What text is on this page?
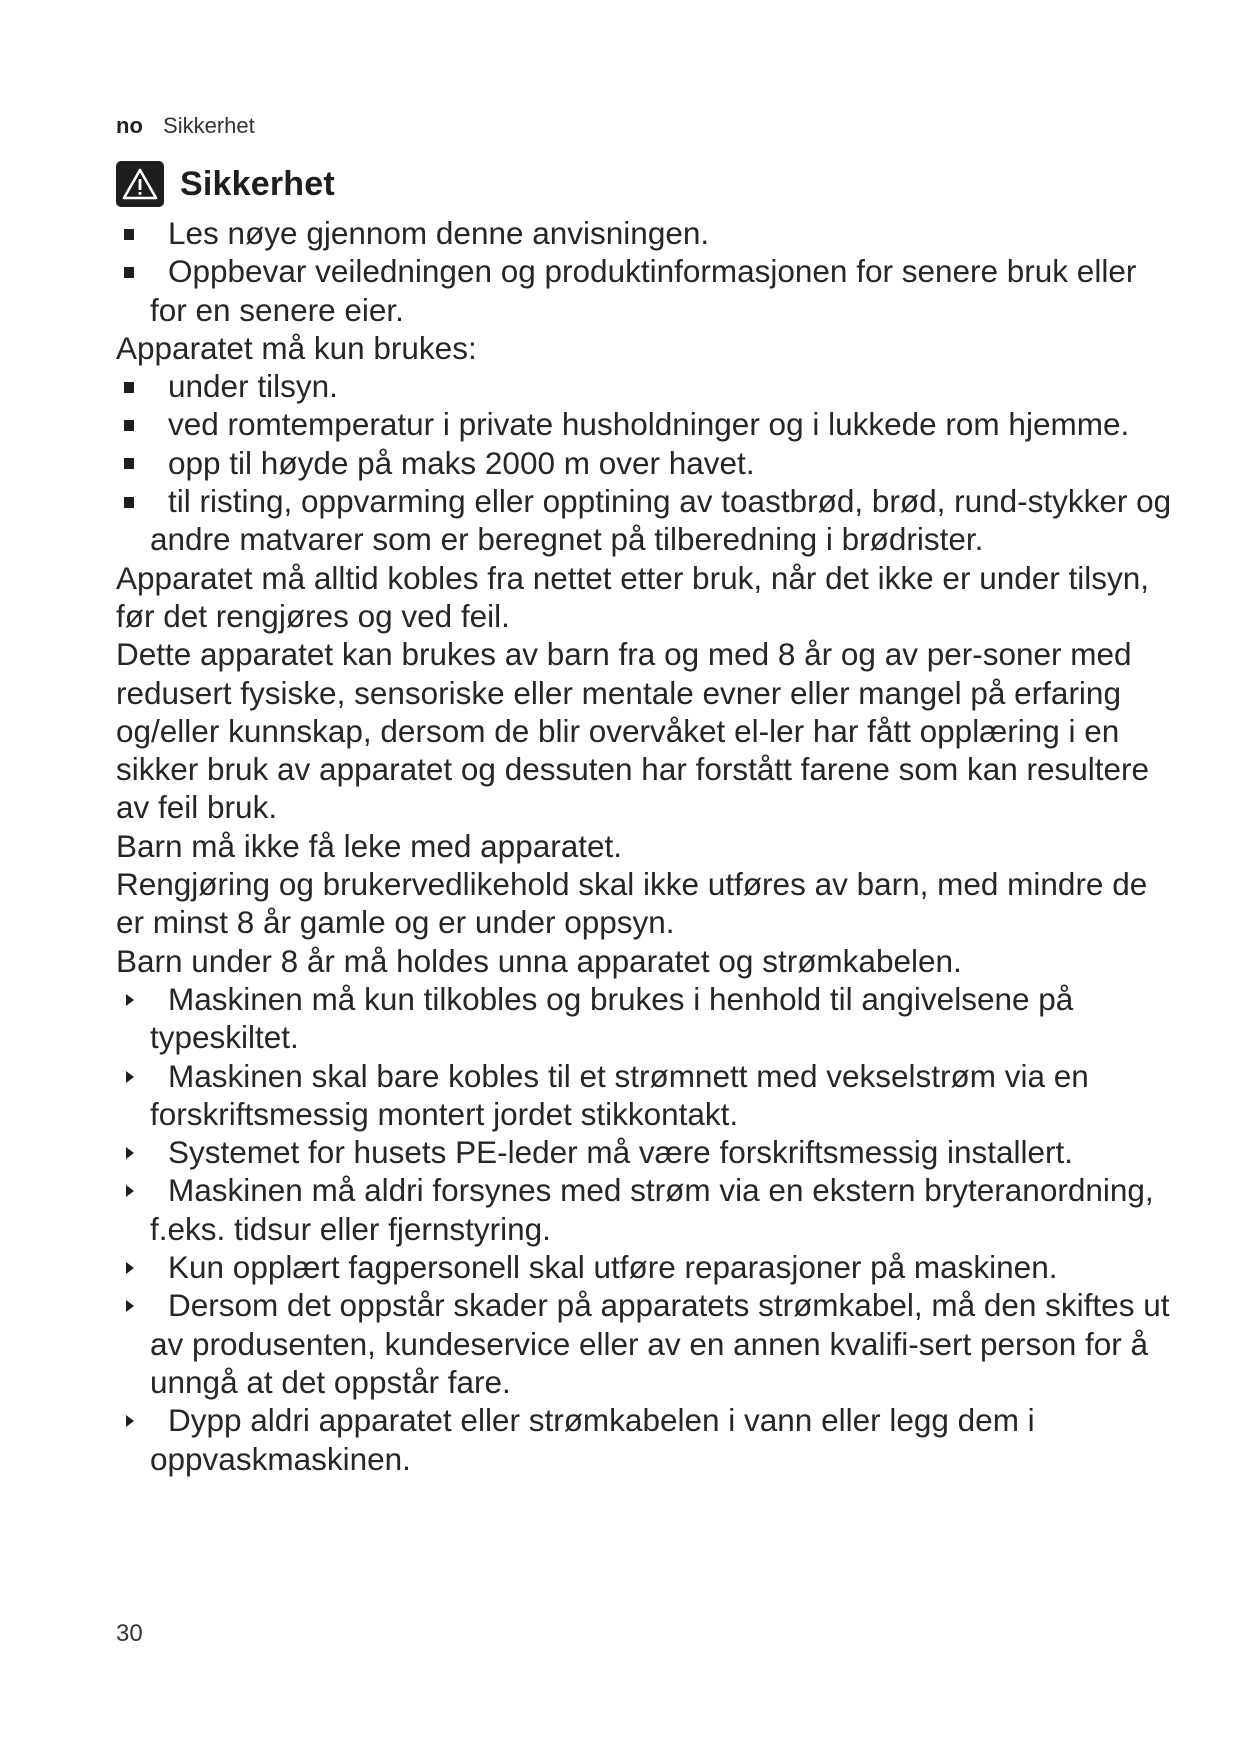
no Sikkerhet
Sikkerhet
Les nøye gjennom denne anvisningen.
Oppbevar veiledningen og produktinformasjonen for senere bruk eller for en senere eier.

Apparatet må kun brukes:

under tilsyn.
ved romtemperatur i private husholdninger og i lukkede rom hjemme.
opp til høyde på maks 2000 m over havet.
til risting, oppvarming eller opptining av toastbrød, brød, rund-stykker og andre matvarer som er beregnet på tilberedning i brødrister.

Apparatet må alltid kobles fra nettet etter bruk, når det ikke er under tilsyn, før det rengjøres og ved feil.

Dette apparatet kan brukes av barn fra og med 8 år og av per-soner med redusert fysiske, sensoriske eller mentale evner eller mangel på erfaring og/eller kunnskap, dersom de blir overvåket el-ler har fått opplæring i en sikker bruk av apparatet og dessuten har forstått farene som kan resultere av feil bruk.

Barn må ikke få leke med apparatet.

Rengjøring og brukervedlikehold skal ikke utføres av barn, med mindre de er minst 8 år gamle og er under oppsyn.

Barn under 8 år må holdes unna apparatet og strømkabelen.

Maskinen må kun tilkobles og brukes i henhold til angivelsene på typeskiltet.
Maskinen skal bare kobles til et strømnett med vekselstrøm via en forskriftsmessig montert jordet stikkontakt.
Systemet for husets PE-leder må være forskriftsmessig installert.
Maskinen må aldri forsynes med strøm via en ekstern bryteranordning, f.eks. tidsur eller fjernstyring.
Kun opplært fagpersonell skal utføre reparasjoner på maskinen.
Dersom det oppstår skader på apparatets strømkabel, må den skiftes ut av produsenten, kundeservice eller av en annen kvalifi-sert person for å unngå at det oppstår fare.
Dypp aldri apparatet eller strømkabelen i vann eller legg dem i oppvaskmaskinen.
30
